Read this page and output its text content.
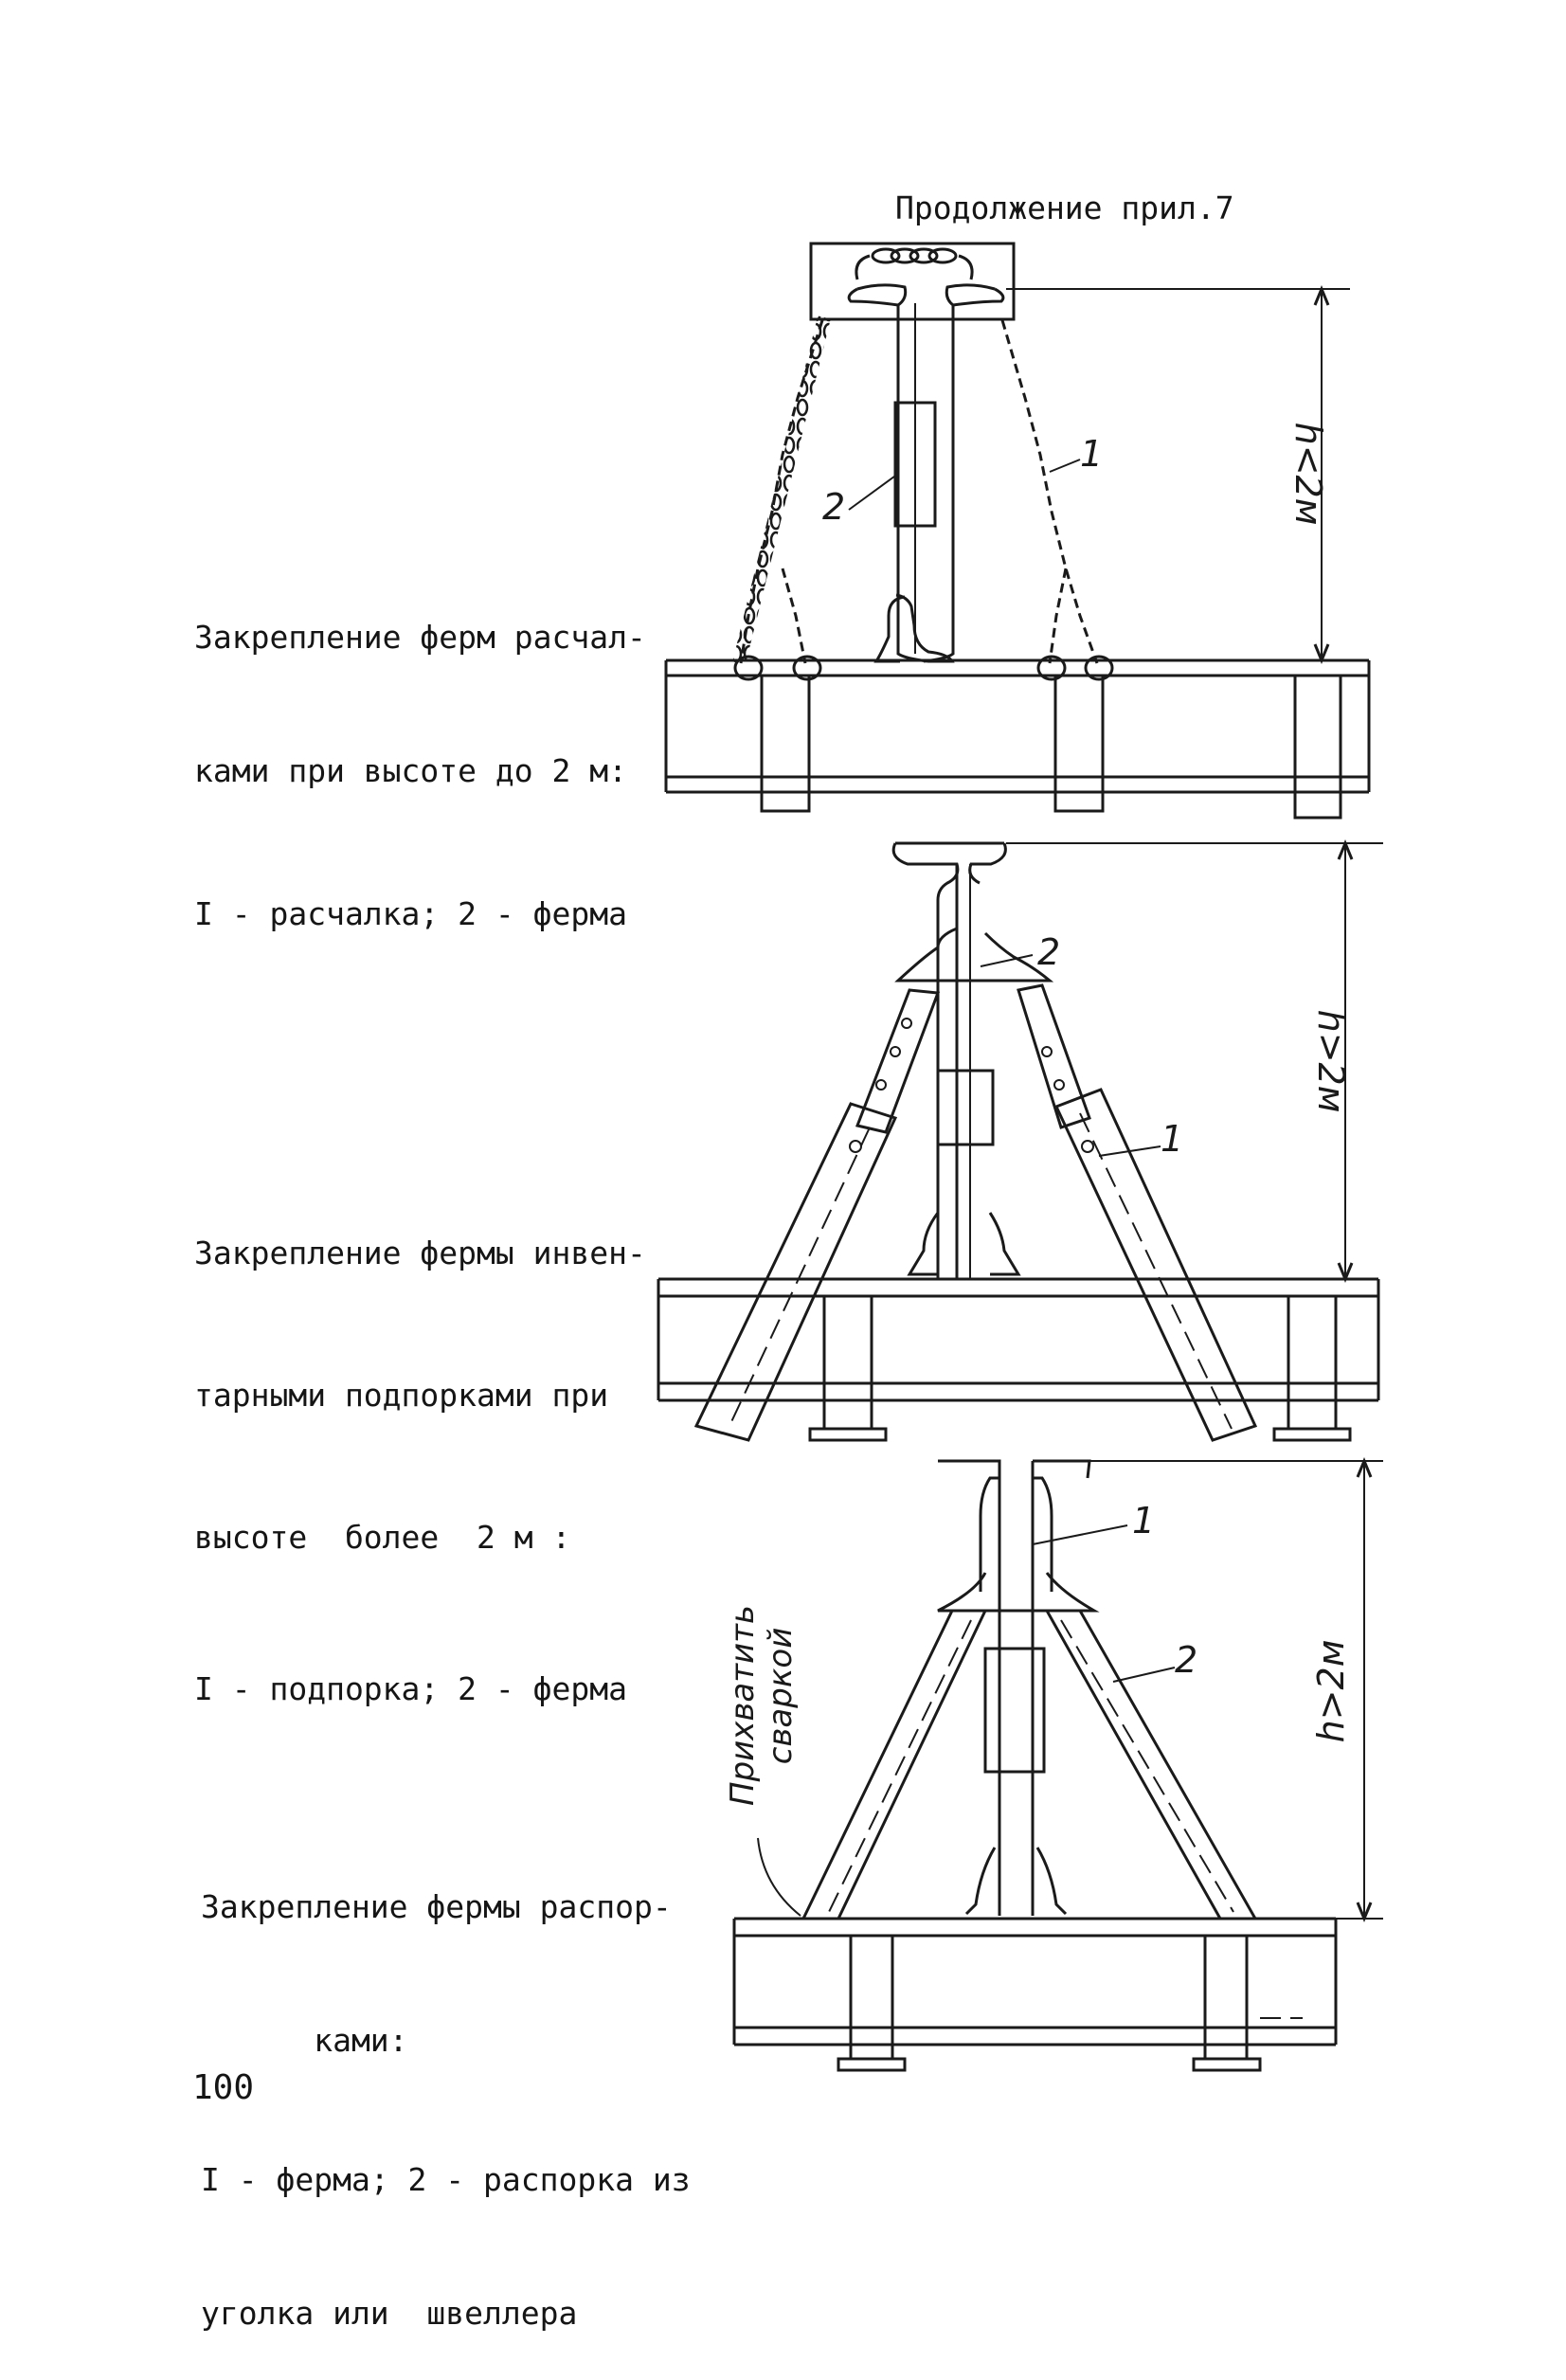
Продолжение прил.7

Закрепление ферм расчал-

ками при высоте до 2 м:

I - расчалка; 2 - ферма

Закрепление фермы инвен-

тарными подпорками при

высоте  более  2 м :

I - подпорка; 2 - ферма

Закрепление фермы распор-

ками:

I - ферма; 2 - распорка из

уголка или  швеллера

100
1
2	h<2м
2
1
h>2м
1
2	h>2м
Прихватить сваркой
